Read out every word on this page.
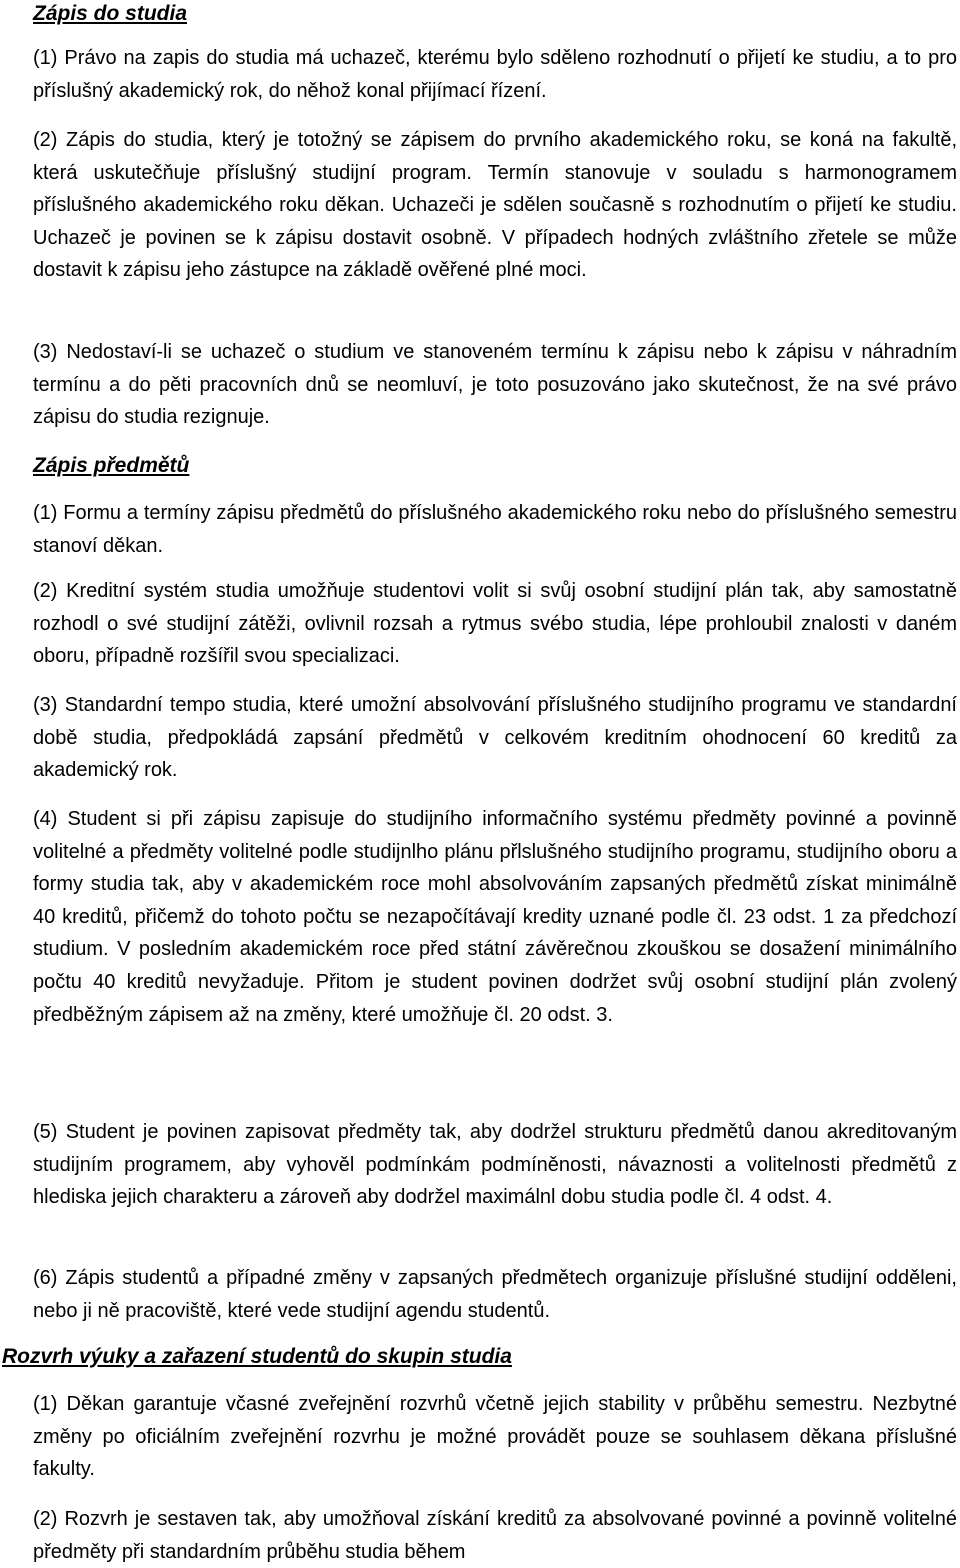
Zápis do studia

(1) Právo na zapis do studia má uchazeč, kterému bylo sděleno rozhodnutí o přijetí ke studiu, a to pro příslušný akademický rok, do něhož konal přijímací řízení.

(2) Zápis do studia, který je totožný se zápisem do prvního akademického roku, se koná na fakultě, která uskutečňuje příslušný studijní program. Termín stanovuje v souladu s harmonogramem příslušného akademického roku děkan. Uchazeči je sdělen současně s rozhodnutím o přijetí ke studiu. Uchazeč je povinen se k zápisu dostavit osobně. V případech hodných zvláštního zřetele se může dostavit k zápisu jeho zástupce na základě ověřené plné moci.

(3) Nedostaví-li se uchazeč o studium ve stanoveném termínu k zápisu nebo k zápisu v náhradním termínu a do pěti pracovních dnů se neomluví, je toto posuzováno jako skutečnost, že na své právo zápisu do studia rezignuje.

Zápis předmětů

(1) Formu a termíny zápisu předmětů do příslušného akademického roku nebo do příslušného semestru stanoví děkan.

(2) Kreditní systém studia umožňuje studentovi volit si svůj osobní studijní plán tak, aby samostatně rozhodl o své studijní zátěži, ovlivnil rozsah a rytmus svébo studia, lépe prohloubil znalosti v daném oboru, případně rozšířil svou specializaci.

(3) Standardní tempo studia, které umožní absolvování příslušného studijního programu ve standardní době studia, předpokládá zapsání předmětů v celkovém kreditním ohodnocení 60 kreditů za akademický rok.

(4) Student si při zápisu zapisuje do studijního informačního systému předměty povinné a povinně volitelné a předměty volitelné podle studijnlho plánu přlslušného studijního programu, studijního oboru a formy studia tak, aby v akademickém roce mohl absolvováním zapsaných předmětů získat minimálně 40 kreditů, přičemž do tohoto počtu se nezapočítávají kredity uznané podle čl. 23 odst. 1 za předchozí studium. V posledním akademickém roce před státní závěrečnou zkouškou se dosažení minimálního počtu 40 kreditů nevyžaduje. Přitom je student povinen dodržet svůj osobní studijní plán zvolený předběžným zápisem až na změny, které umožňuje čl. 20 odst. 3.

(5) Student je povinen zapisovat předměty tak, aby dodržel strukturu předmětů danou akreditovaným studijním programem, aby vyhověl podmínkám podmíněnosti, návaznosti a volitelnosti předmětů z hlediska jejich charakteru a zároveň aby dodržel maximálnl dobu studia podle čl. 4 odst. 4.

(6) Zápis studentů a případné změny v zapsaných předmětech organizuje příslušné studijní odděleni, nebo ji ně pracoviště, které vede studijní agendu studentů.

Rozvrh výuky a zařazení studentů do skupin studia

(1) Děkan garantuje včasné zveřejnění rozvrhů včetně jejich stability v průběhu semestru. Nezbytné změny po oficiálním zveřejnění rozvrhu je možné provádět pouze se souhlasem děkana příslušné fakulty.

(2) Rozvrh je sestaven tak, aby umožňoval získání kreditů za absolvované povinné a povinně volitelné předměty při standardním průběhu studia během
